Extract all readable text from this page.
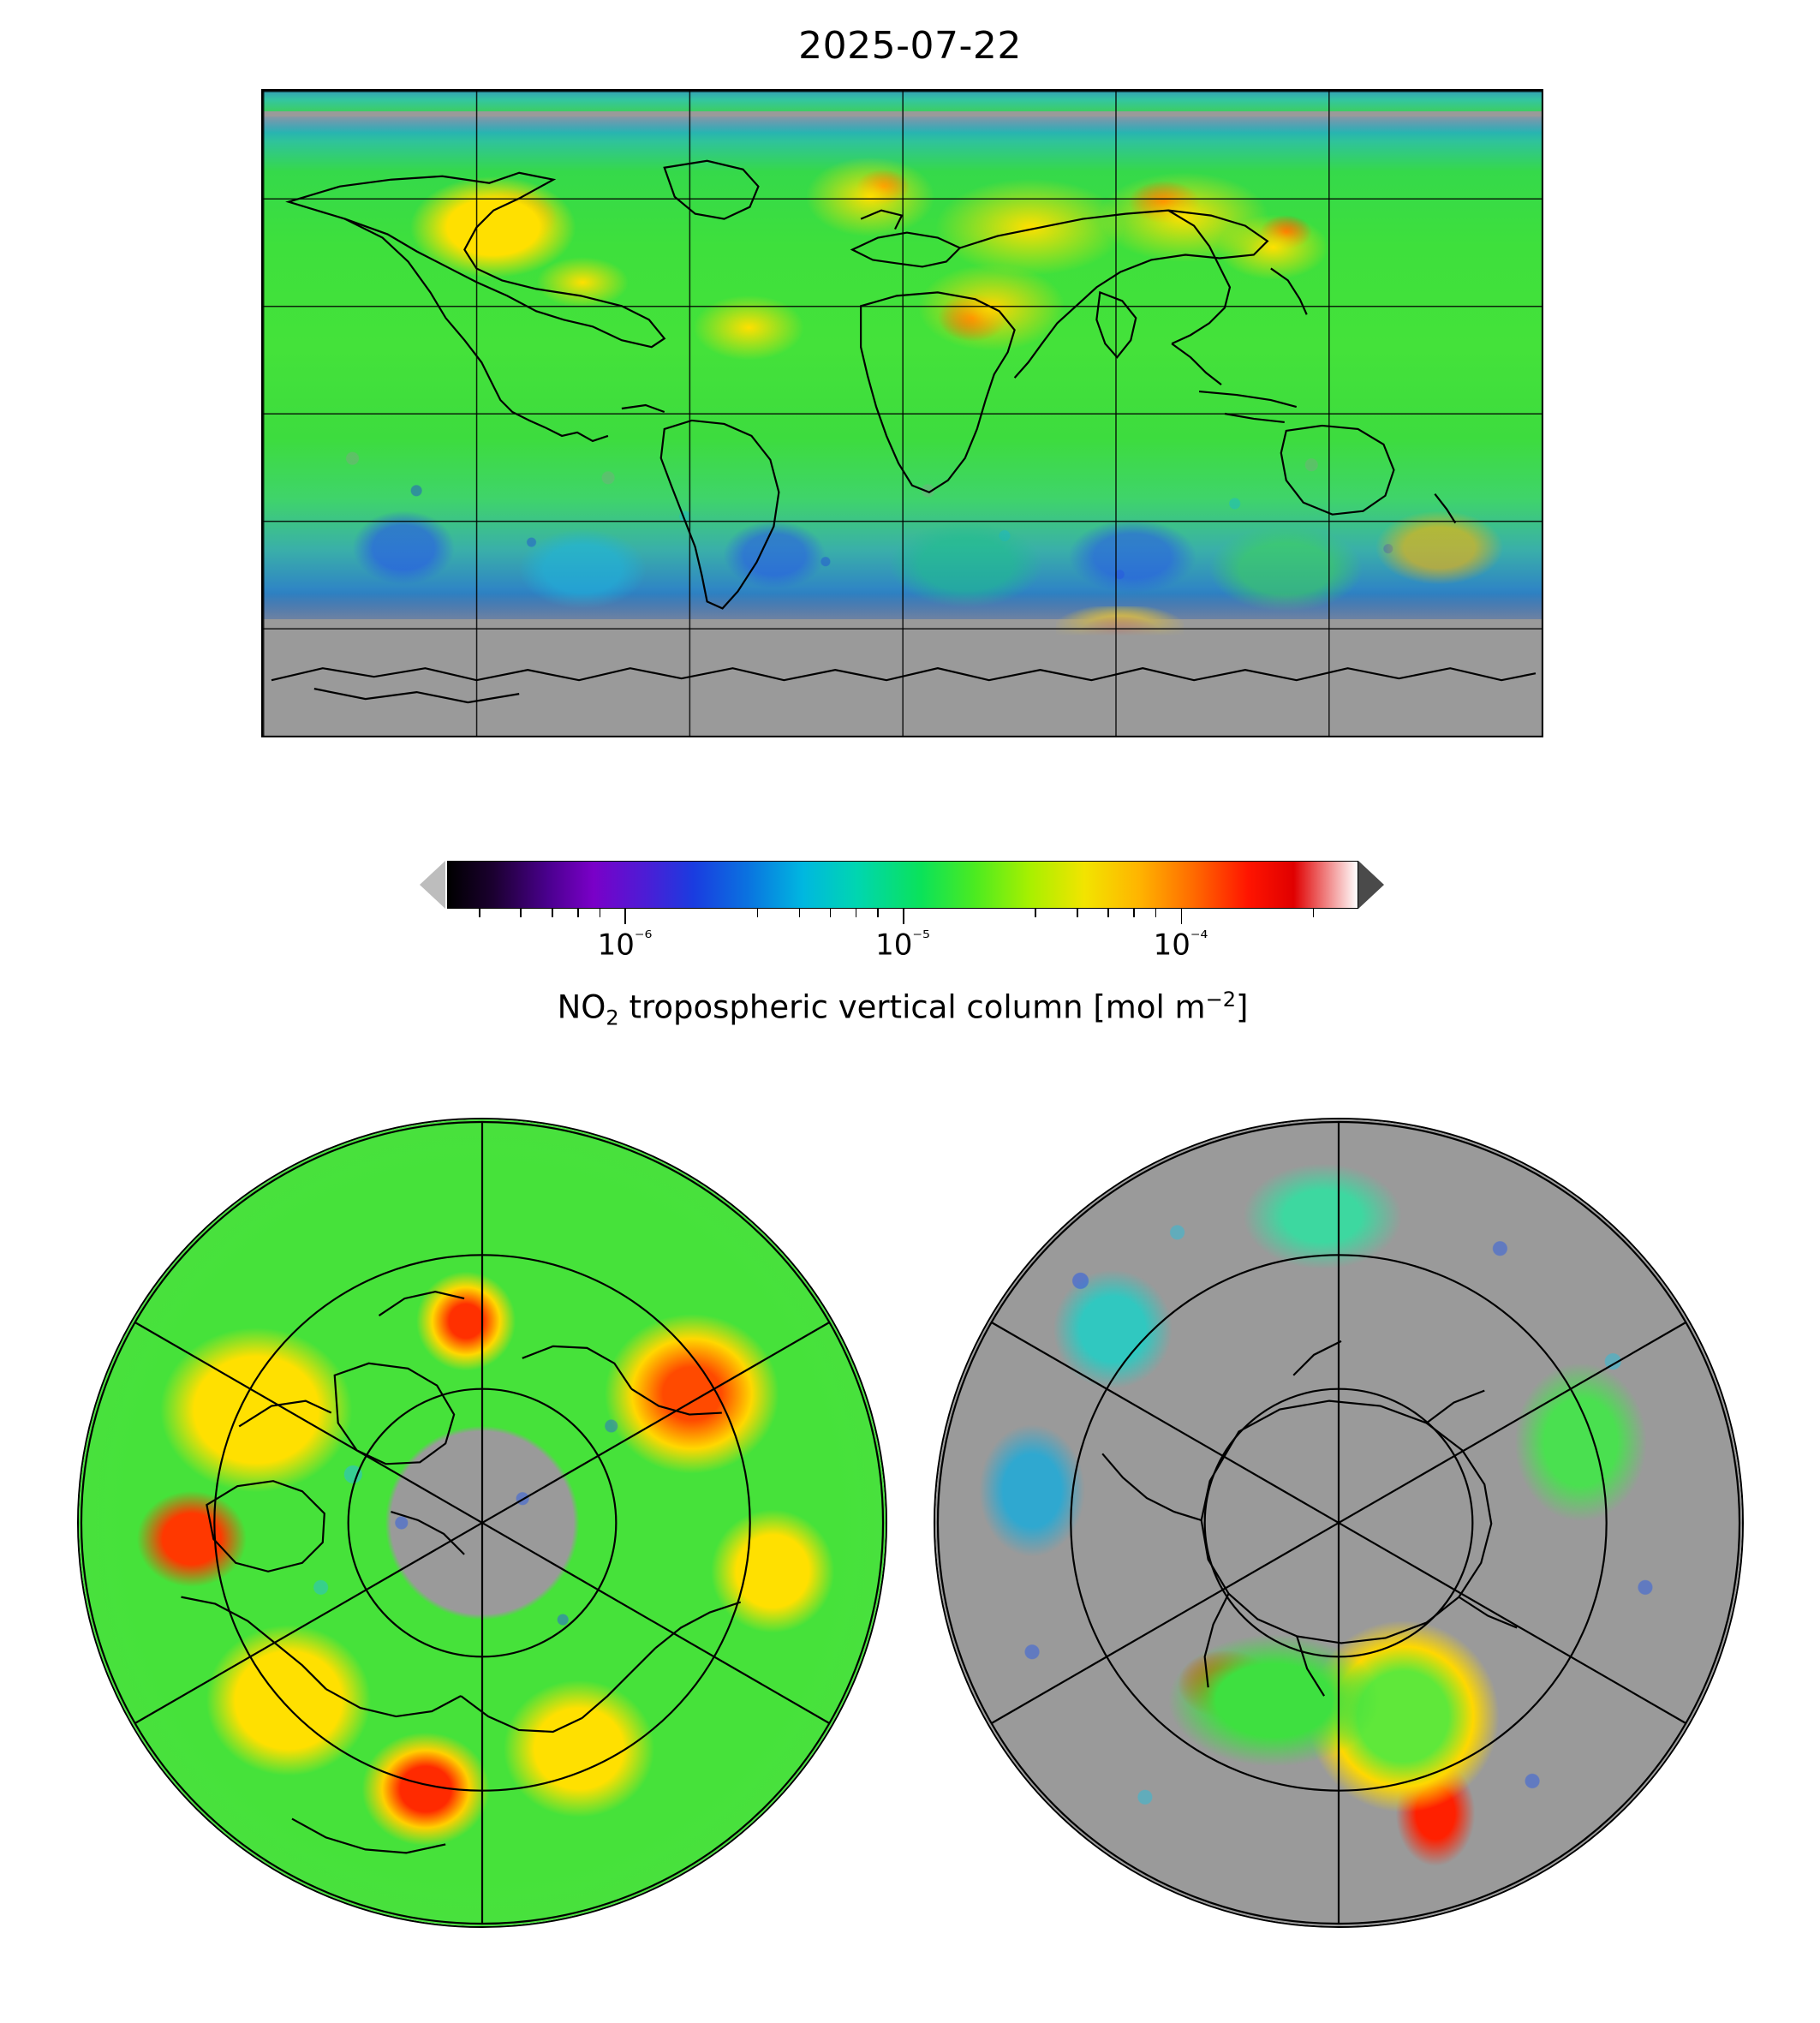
2025-07-22
$10^{^{-6}}$	$10^{^{-5}}$	$10^{^{-4}}$
$NO_2$ tropospheric vertical column [mol $m^{-2}$]
